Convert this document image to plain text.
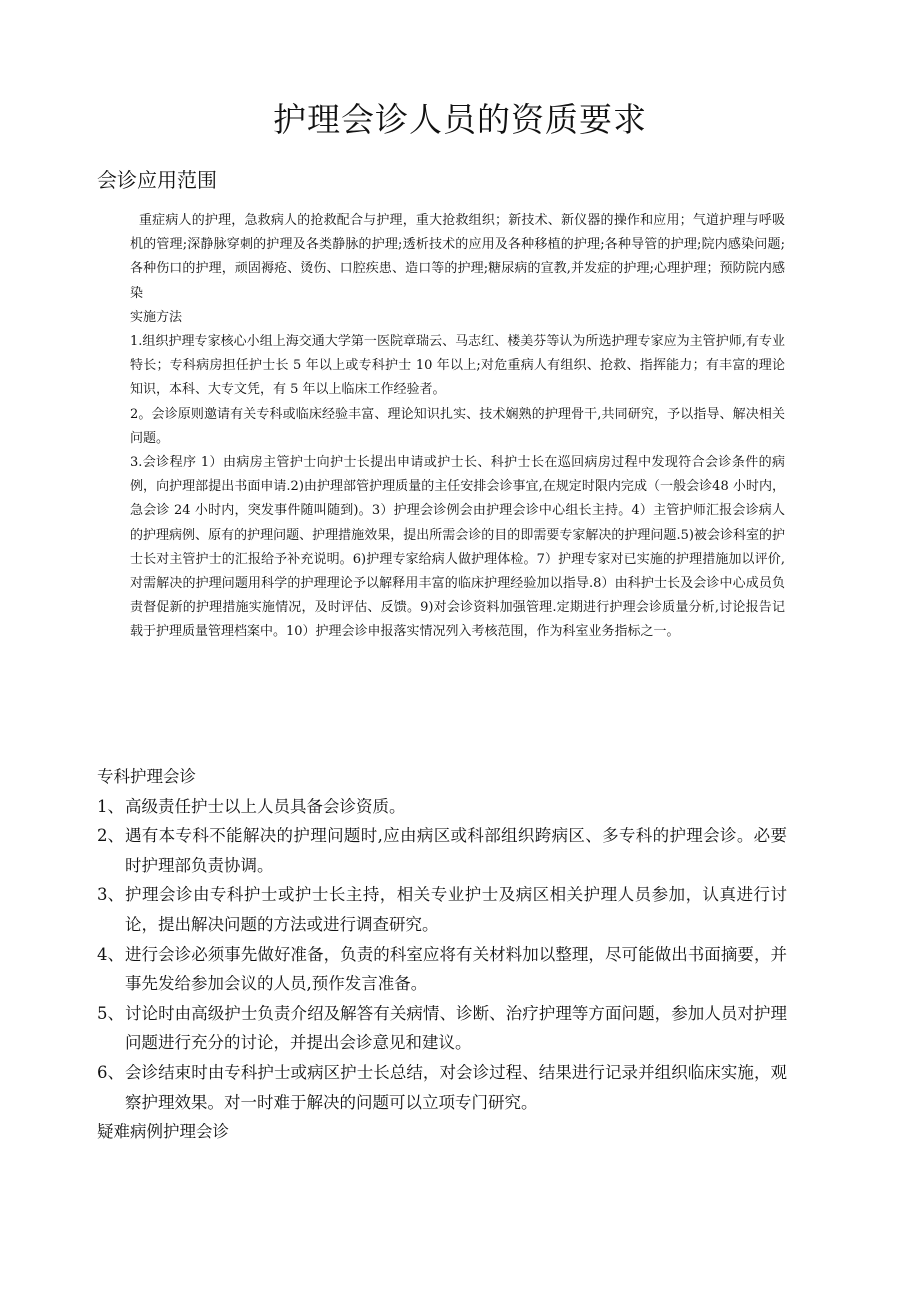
护理会诊人员的资质要求
会诊应用范围

重症病人的护理，急救病人的抢救配合与护理，重大抢救组织；新技术、新仪器的操作和应用；气道护理与呼吸机的管理;深静脉穿刺的护理及各类静脉的护理;透析技术的应用及各种移植的护理;各种导管的护理;院内感染问题;各种伤口的护理，顽固褥疮、烫伤、口腔疾患、造口等的护理;糖尿病的宣教,并发症的护理;心理护理；预防院内感染

实施方法

1.组织护理专家核心小组上海交通大学第一医院章瑞云、马志红、楼美芬等认为所选护理专家应为主管护师,有专业特长；专科病房担任护士长 5 年以上或专科护士 10 年以上;对危重病人有组织、抢救、指挥能力；有丰富的理论知识，本科、大专文凭，有 5 年以上临床工作经验者。

2。会诊原则邀请有关专科或临床经验丰富、理论知识扎实、技术娴熟的护理骨干,共同研究，予以指导、解决相关问题。

3.会诊程序 1）由病房主管护士向护士长提出申请或护士长、科护士长在巡回病房过程中发现符合会诊条件的病例，向护理部提出书面申请.2)由护理部管护理质量的主任安排会诊事宜,在规定时限内完成（一般会诊48 小时内，急会诊 24 小时内，突发事件随叫随到)。3）护理会诊例会由护理会诊中心组长主持。4）主管护师汇报会诊病人的护理病例、原有的护理问题、护理措施效果，提出所需会诊的目的即需要专家解决的护理问题.5)被会诊科室的护士长对主管护士的汇报给予补充说明。6)护理专家给病人做护理体检。7）护理专家对已实施的护理措施加以评价,对需解决的护理问题用科学的护理理论予以解释用丰富的临床护理经验加以指导.8）由科护士长及会诊中心成员负责督促新的护理措施实施情况，及时评估、反馈。9)对会诊资料加强管理.定期进行护理会诊质量分析,讨论报告记载于护理质量管理档案中。10）护理会诊申报落实情况列入考核范围，作为科室业务指标之一。

专科护理会诊

1、 高级责任护士以上人员具备会诊资质。
2、 遇有本专科不能解决的护理问题时,应由病区或科部组织跨病区、多专科的护理会诊。必要时护理部负责协调。
3、 护理会诊由专科护士或护士长主持，相关专业护士及病区相关护理人员参加，认真进行讨论，提出解决问题的方法或进行调查研究。
4、 进行会诊必须事先做好准备，负责的科室应将有关材料加以整理，尽可能做出书面摘要，并事先发给参加会议的人员,预作发言准备。
5、 讨论时由高级护士负责介绍及解答有关病情、诊断、治疗护理等方面问题，参加人员对护理问题进行充分的讨论，并提出会诊意见和建议。
6、 会诊结束时由专科护士或病区护士长总结，对会诊过程、结果进行记录并组织临床实施，观察护理效果。对一时难于解决的问题可以立项专门研究。

疑难病例护理会诊
